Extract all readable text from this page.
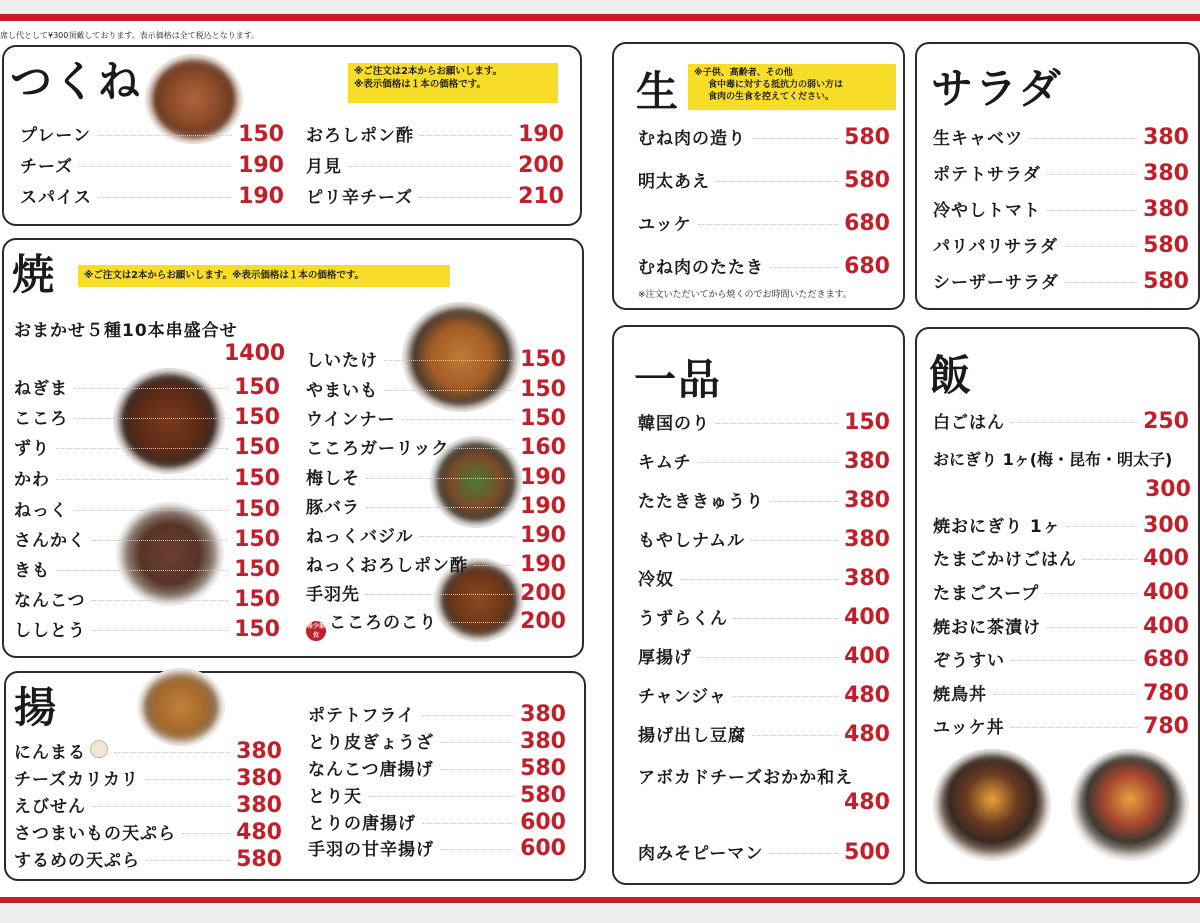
席し代として¥300頂戴しております。表示価格は全て税込となります。
つくね	※ご注文は2本からお願いします。
※表示価格は１本の価格です。
プレーン	150
チーズ	190
スパイス	190
おろしポン酢	190
月見	200
ピリ辛チーズ	210
焼	※ご注文は2本からお願いします。※表示価格は１本の価格です。
おまかせ５種10本串盛合せ
1400
ねぎま	150
こころ	150
ずり	150
かわ	150
ねっく	150
さんかく	150
きも	150
なんこつ	150
ししとう	150
しいたけ	150
やまいも	150
ウインナー	150
こころガーリック	160
梅しそ	190
豚バラ	190
ねっくバジル	190
ねっくおろしポン酢 190
手羽先	200
希少部位
こころのこり	200
揚
にんまる	380
チーズカリカリ	380
えびせん	380
さつまいもの天ぷら	480
するめの天ぷら	580
ポテトフライ	380
とり皮ぎょうざ	380
なんこつ唐揚げ	580
とり天	580
とりの唐揚げ	600
手羽の甘辛揚げ	600
生 ※子供、高齢者、その他
食中毒に対する抵抗力の弱い方は
食肉の生食を控えてください。
むね肉の造り	580
明太あえ	580
ユッケ	680
むね肉のたたき	680
※注文いただいてから焼くのでお時間いただきます。
サラダ
生キャベツ	380
ポテトサラダ	380
冷やしトマト	380
パリパリサラダ	580
シーザーサラダ	580
一品
韓国のり	150
キムチ	380
たたききゅうり	380
もやしナムル	380
冷奴	380
うずらくん	400
厚揚げ	400
チャンジャ	480
揚げ出し豆腐	480
アボカドチーズおかか和え
480
肉みそピーマン	500
飯
白ごはん	250
おにぎり 1ヶ(梅・昆布・明太子)
300
焼おにぎり 1ヶ	300
たまごかけごはん	400
たまごスープ	400
焼おに茶漬け	400
ぞうすい	680
焼鳥丼	780
ユッケ丼	780
